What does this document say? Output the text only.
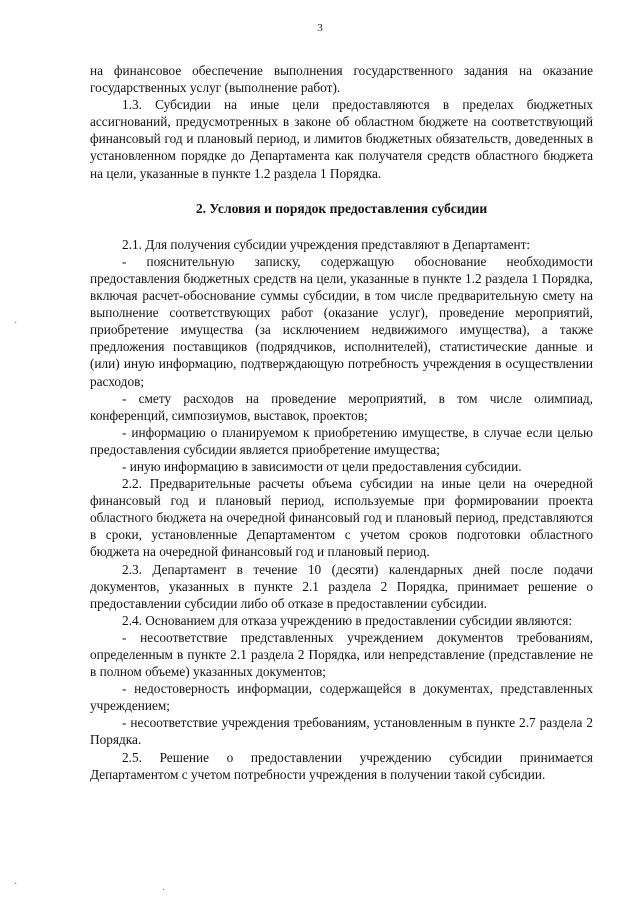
3

на финансовое обеспечение выполнения государственного задания на оказание государственных услуг (выполнение работ).

1.3. Субсидии на иные цели предоставляются в пределах бюджетных ассигнований, предусмотренных в законе об областном бюджете на соответствующий финансовый год и плановый период, и лимитов бюджетных обязательств, доведенных в установленном порядке до Департамента как получателя средств областного бюджета на цели, указанные в пункте 1.2 раздела 1 Порядка.

2. Условия и порядок предоставления субсидии

2.1. Для получения субсидии учреждения представляют в Департамент:

- пояснительную записку, содержащую обоснование необходимости предоставления бюджетных средств на цели, указанные в пункте 1.2 раздела 1 Порядка, включая расчет-обоснование суммы субсидии, в том числе предварительную смету на выполнение соответствующих работ (оказание услуг), проведение мероприятий, приобретение имущества (за исключением недвижимого имущества), а также предложения поставщиков (подрядчиков, исполнителей), статистические данные и (или) иную информацию, подтверждающую потребность учреждения в осуществлении расходов;

- смету расходов на проведение мероприятий, в том числе олимпиад, конференций, симпозиумов, выставок, проектов;

- информацию о планируемом к приобретению имуществе, в случае если целью предоставления субсидии является приобретение имущества;

- иную информацию в зависимости от цели предоставления субсидии.

2.2. Предварительные расчеты объема субсидии на иные цели на очередной финансовый год и плановый период, используемые при формировании проекта областного бюджета на очередной финансовый год и плановый период, представляются в сроки, установленные Департаментом с учетом сроков подготовки областного бюджета на очередной финансовый год и плановый период.

2.3. Департамент в течение 10 (десяти) календарных дней после подачи документов, указанных в пункте 2.1 раздела 2 Порядка, принимает решение о предоставлении субсидии либо об отказе в предоставлении субсидии.

2.4. Основанием для отказа учреждению в предоставлении субсидии являются:

- несоответствие представленных учреждением документов требованиям, определенным в пункте 2.1 раздела 2 Порядка, или непредставление (представление не в полном объеме) указанных документов;

- недостоверность информации, содержащейся в документах, представленных учреждением;

- несоответствие учреждения требованиям, установленным в пункте 2.7 раздела 2 Порядка.

2.5. Решение о предоставлении учреждению субсидии принимается Департаментом с учетом потребности учреждения в получении такой субсидии.

·
·
·
